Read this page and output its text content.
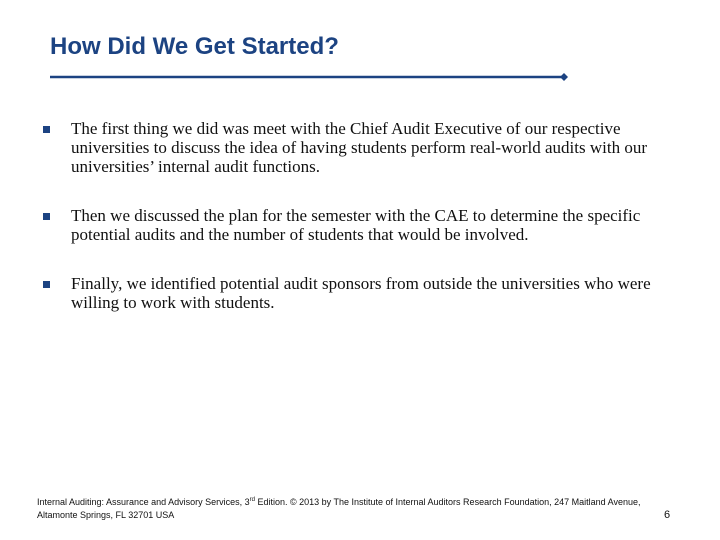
How Did We Get Started?
The first thing we did was meet with the Chief Audit Executive of our respective universities to discuss the idea of having students perform real-world audits with our universities’ internal audit functions.
Then we discussed the plan for the semester with the CAE to determine the specific potential audits and the number of students that would be involved.
Finally, we identified potential audit sponsors from outside the universities who were willing to work with students.
Internal Auditing: Assurance and Advisory Services, 3rd Edition. © 2013 by The Institute of Internal Auditors Research Foundation, 247 Maitland Avenue, Altamonte Springs, FL 32701 USA	6
